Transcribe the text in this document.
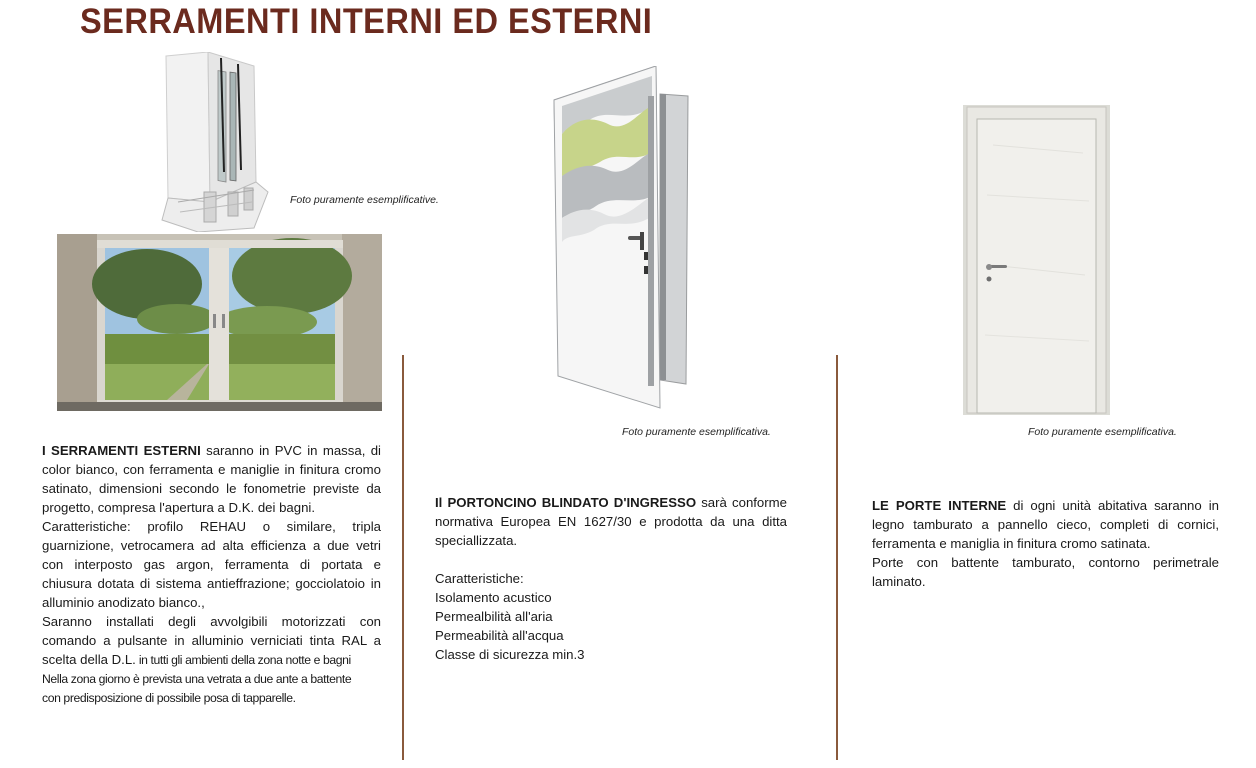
SERRAMENTI INTERNI ED ESTERNI
Foto puramente esemplificative.

I SERRAMENTI ESTERNI saranno in PVC in massa, di color bianco, con ferramenta e maniglie in finitura cromo satinato, dimensioni secondo le fonometrie previste da progetto, compresa l'apertura a D.K. dei bagni.

Caratteristiche: profilo REHAU o similare, tripla guarnizione, vetrocamera ad alta efficienza a due vetri con interposto gas argon, ferramenta di portata e chiusura dotata di sistema antieffrazione; gocciolatoio in alluminio anodizato bianco.,

Saranno installati degli avvolgibili motorizzati con comando a pulsante in alluminio verniciati tinta RAL a scelta della D.L. in tutti gli ambienti della zona notte e bagni

Nella zona giorno è prevista una vetrata a due ante a battente

con predisposizione di possibile posa di tapparelle.

Foto puramente esemplificativa.

Il PORTONCINO BLINDATO D'INGRESSO sarà conforme normativa Europea EN 1627/30 e prodotta da una ditta speciallizzata.

Caratteristiche:

Isolamento acustico

Permealbilità all'aria

Permeabilità all'acqua

Classe di sicurezza min.3

Foto puramente esemplificativa.

LE PORTE INTERNE di ogni unità abitativa saranno in legno tamburato a pannello cieco, completi di cornici, ferramenta e maniglia in finitura cromo satinata.

Porte con battente tamburato, contorno perimetrale laminato.
